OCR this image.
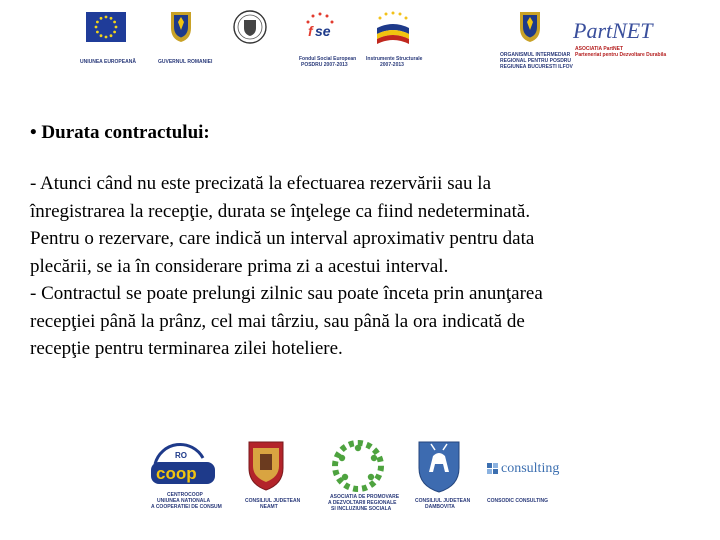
UNIUNEA EUROPEANĂ	GUVERNUL ROMANIEI
f se
Fondul Social European
POSDRU 2007-2013
Instrumente Structurale
2007-2013
ORGANISMUL INTERMEDIAR
REGIONAL PENTRU POSDRU
REGIUNEA BUCURESTI ILFOV
PartNET
ASOCIATIA PartNET
Parteneriat pentru Dezvoltare Durabila

• Durata contractului:

- Atunci când nu este precizată la efectuarea rezervării sau la
înregistrarea la recepţie, durata se înţelege ca fiind nedeterminată.
Pentru o rezervare, care indică un interval aproximativ pentru data
plecării, se ia în considerare prima zi a acestui interval.

- Contractul se poate prelungi zilnic sau poate înceta prin anunţarea
recepţiei până la prânz, cel mai târziu, sau până la ora indicată de
recepţie pentru terminarea zilei hoteliere.

RO
coop
CENTROCOOP
UNIUNEA NATIONALA
A COOPERATIEI DE CONSUM
CONSILIUL JUDETEAN
NEAMT
ASOCIATIA DE PROMOVARE
A DEZVOLTARII REGIONALE
SI INCLUZIUNE SOCIALA
CONSILIUL JUDETEAN
DAMBOVITA
consulting
CONSODIC CONSULTING
